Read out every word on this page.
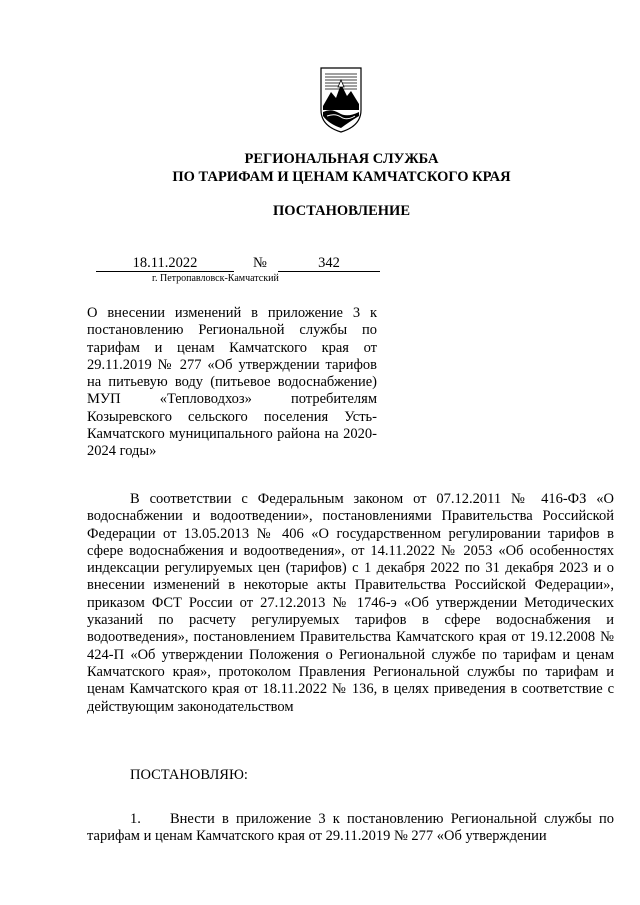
РЕГИОНАЛЬНАЯ СЛУЖБА
ПО ТАРИФАМ И ЦЕНАМ КАМЧАТСКОГО КРАЯ
ПОСТАНОВЛЕНИЕ
18.11.2022	№	342
г. Петропавловск-Камчатский
О внесении изменений в приложение 3 к постановлению Региональной службы по тарифам и ценам Камчатского края от 29.11.2019 № 277 «Об утверждении тарифов на питьевую воду (питьевое водоснабжение) МУП «Тепловодхоз» потребителям Козыревского сельского поселения Усть-Камчатского муниципального района на 2020-2024 годы»
В соответствии с Федеральным законом от 07.12.2011 № 416-ФЗ «О водоснабжении и водоотведении», постановлениями Правительства Российской Федерации от 13.05.2013 № 406 «О государственном регулировании тарифов в сфере водоснабжения и водоотведения», от 14.11.2022 № 2053 «Об особенностях индексации регулируемых цен (тарифов) с 1 декабря 2022 по 31 декабря 2023 и о внесении изменений в некоторые акты Правительства Российской Федерации», приказом ФСТ России от 27.12.2013 № 1746-э «Об утверждении Методических указаний по расчету регулируемых тарифов в сфере водоснабжения и водоотведения», постановлением Правительства Камчатского края от 19.12.2008 № 424-П «Об утверждении Положения о Региональной службе по тарифам и ценам Камчатского края», протоколом Правления Региональной службы по тарифам и ценам Камчатского края от 18.11.2022 № 136, в целях приведения в соответствие с действующим законодательством
ПОСТАНОВЛЯЮ:
1. Внести в приложение 3 к постановлению Региональной службы по тарифам и ценам Камчатского края от 29.11.2019 № 277 «Об утверждении
